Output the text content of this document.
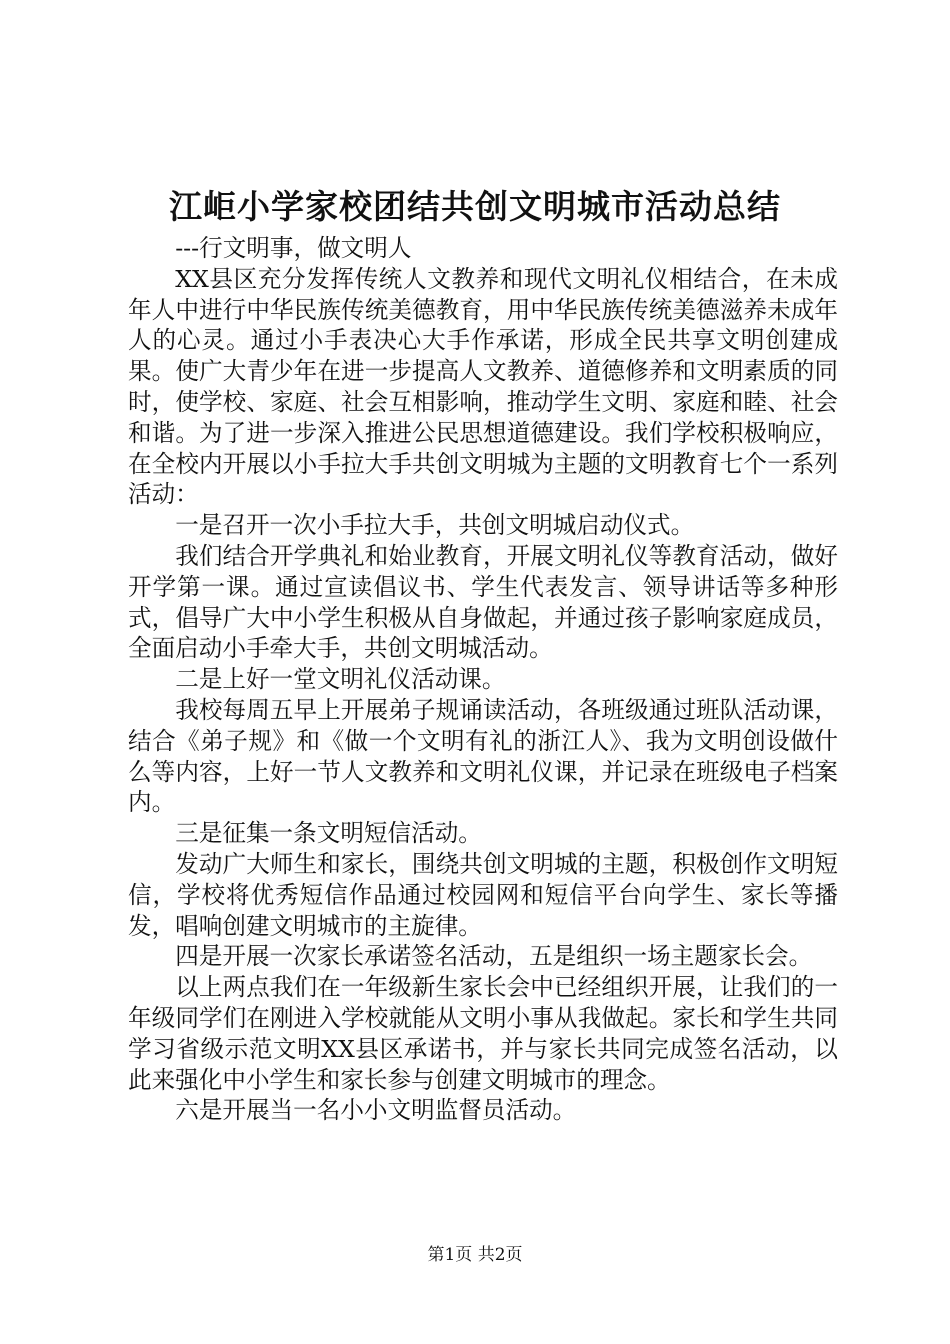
江岠小学家校团结共创文明城市活动总结
---行文明事，做文明人

XX县区充分发挥传统人文教养和现代文明礼仪相结合，在未成年人中进行中华民族传统美德教育，用中华民族传统美德滋养未成年人的心灵。通过小手表决心大手作承诺，形成全民共享文明创建成果。使广大青少年在进一步提高人文教养、道德修养和文明素质的同时，使学校、家庭、社会互相影响，推动学生文明、家庭和睦、社会和谐。为了进一步深入推进公民思想道德建设。我们学校积极响应，在全校内开展以小手拉大手共创文明城为主题的文明教育七个一系列活动：

一是召开一次小手拉大手，共创文明城启动仪式。

我们结合开学典礼和始业教育，开展文明礼仪等教育活动，做好开学第一课。通过宣读倡议书、学生代表发言、领导讲话等多种形式，倡导广大中小学生积极从自身做起，并通过孩子影响家庭成员，全面启动小手牵大手，共创文明城活动。

二是上好一堂文明礼仪活动课。

我校每周五早上开展弟子规诵读活动，各班级通过班队活动课，结合《弟子规》和《做一个文明有礼的浙江人》、我为文明创设做什么等内容，上好一节人文教养和文明礼仪课，并记录在班级电子档案内。

三是征集一条文明短信活动。

发动广大师生和家长，围绕共创文明城的主题，积极创作文明短信，学校将优秀短信作品通过校园网和短信平台向学生、家长等播发，唱响创建文明城市的主旋律。

四是开展一次家长承诺签名活动，五是组织一场主题家长会。

以上两点我们在一年级新生家长会中已经组织开展，让我们的一年级同学们在刚进入学校就能从文明小事从我做起。家长和学生共同学习省级示范文明XX县区承诺书，并与家长共同完成签名活动，以此来强化中小学生和家长参与创建文明城市的理念。

六是开展当一名小小文明监督员活动。

第1页 共2页
